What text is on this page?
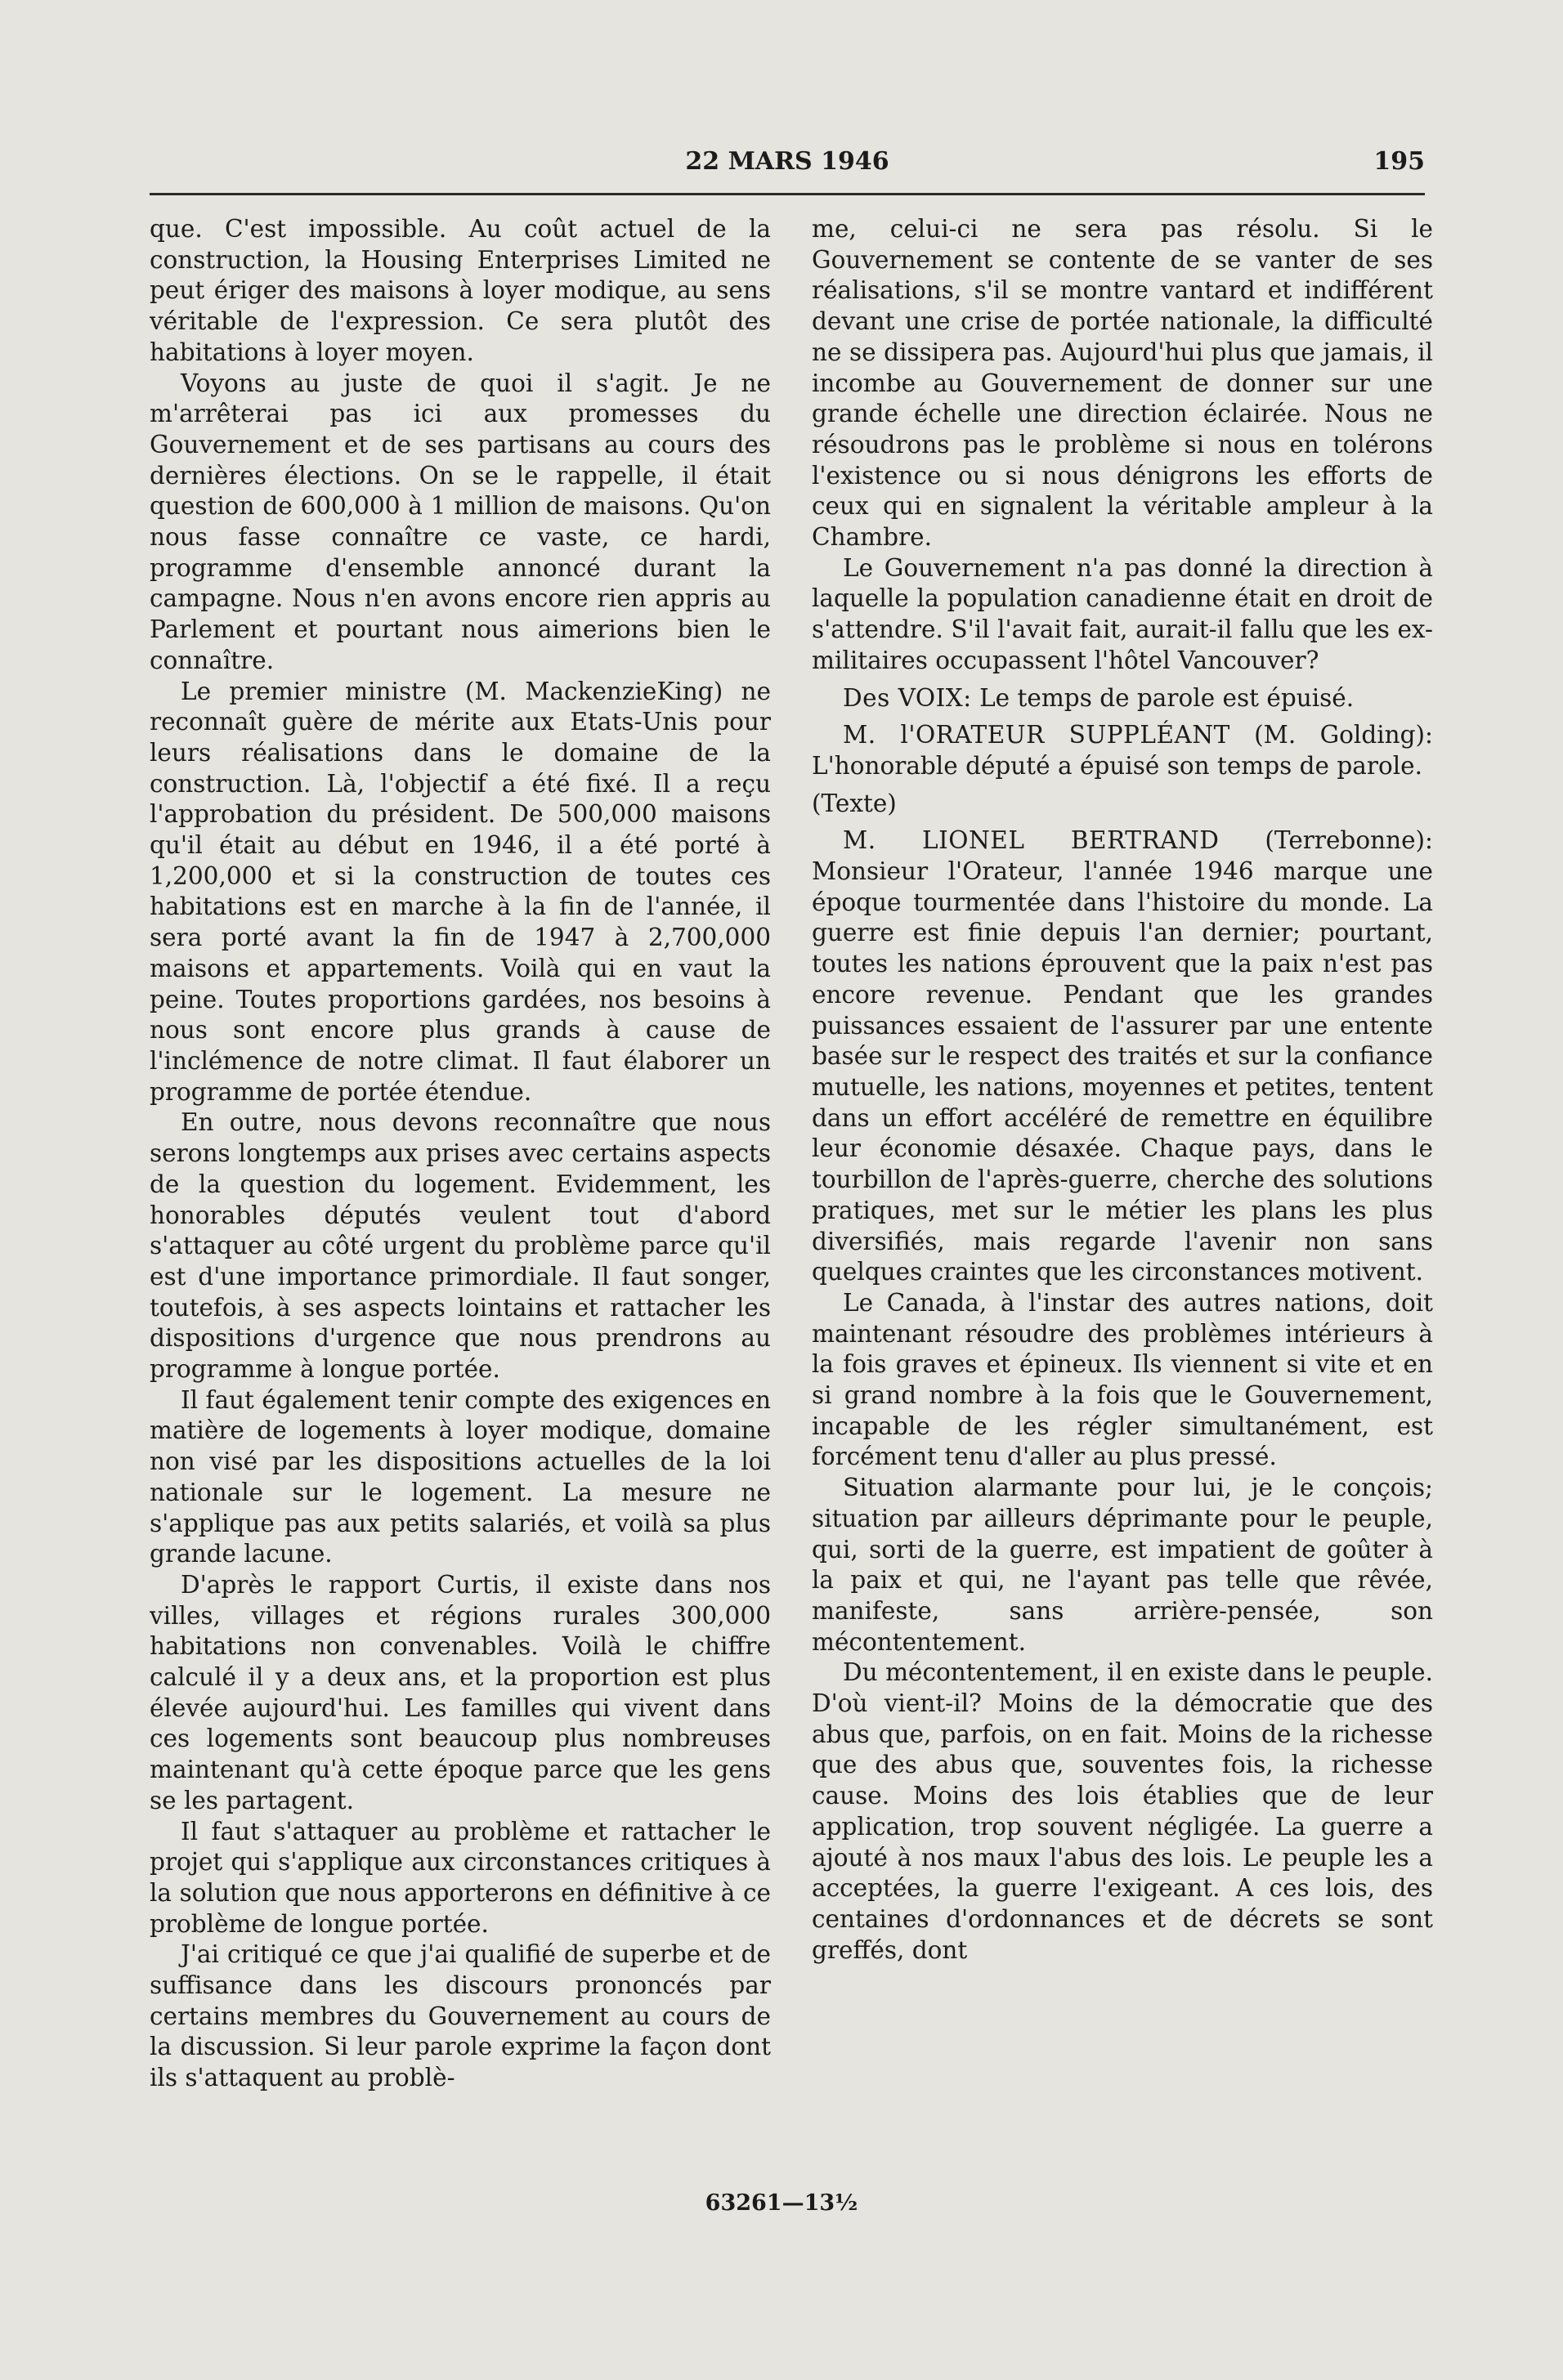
22 MARS 1946	195

que. C'est impossible. Au coût actuel de la construction, la Housing Enterprises Limited ne peut ériger des maisons à loyer modique, au sens véritable de l'expression. Ce sera plutôt des habitations à loyer moyen.

Voyons au juste de quoi il s'agit. Je ne m'arrêterai pas ici aux promesses du Gouvernement et de ses partisans au cours des dernières élections. On se le rappelle, il était question de 600,000 à 1 million de maisons. Qu'on nous fasse connaître ce vaste, ce hardi, programme d'ensemble annoncé durant la campagne. Nous n'en avons encore rien appris au Parlement et pourtant nous aimerions bien le connaître.

Le premier ministre (M. MackenzieKing) ne reconnaît guère de mérite aux Etats-Unis pour leurs réalisations dans le domaine de la construction. Là, l'objectif a été fixé. Il a reçu l'approbation du président. De 500,000 maisons qu'il était au début en 1946, il a été porté à 1,200,000 et si la construction de toutes ces habitations est en marche à la fin de l'année, il sera porté avant la fin de 1947 à 2,700,000 maisons et appartements. Voilà qui en vaut la peine. Toutes proportions gardées, nos besoins à nous sont encore plus grands à cause de l'inclémence de notre climat. Il faut élaborer un programme de portée étendue.

En outre, nous devons reconnaître que nous serons longtemps aux prises avec certains aspects de la question du logement. Evidemment, les honorables députés veulent tout d'abord s'attaquer au côté urgent du problème parce qu'il est d'une importance primordiale. Il faut songer, toutefois, à ses aspects lointains et rattacher les dispositions d'urgence que nous prendrons au programme à longue portée.

Il faut également tenir compte des exigences en matière de logements à loyer modique, domaine non visé par les dispositions actuelles de la loi nationale sur le logement. La mesure ne s'applique pas aux petits salariés, et voilà sa plus grande lacune.

D'après le rapport Curtis, il existe dans nos villes, villages et régions rurales 300,000 habitations non convenables. Voilà le chiffre calculé il y a deux ans, et la proportion est plus élevée aujourd'hui. Les familles qui vivent dans ces logements sont beaucoup plus nombreuses maintenant qu'à cette époque parce que les gens se les partagent.

Il faut s'attaquer au problème et rattacher le projet qui s'applique aux circonstances critiques à la solution que nous apporterons en définitive à ce problème de longue portée.

J'ai critiqué ce que j'ai qualifié de superbe et de suffisance dans les discours prononcés par certains membres du Gouvernement au cours de la discussion. Si leur parole exprime la façon dont ils s'attaquent au problè-

me, celui-ci ne sera pas résolu. Si le Gouvernement se contente de se vanter de ses réalisations, s'il se montre vantard et indifférent devant une crise de portée nationale, la difficulté ne se dissipera pas. Aujourd'hui plus que jamais, il incombe au Gouvernement de donner sur une grande échelle une direction éclairée. Nous ne résoudrons pas le problème si nous en tolérons l'existence ou si nous dénigrons les efforts de ceux qui en signalent la véritable ampleur à la Chambre.

Le Gouvernement n'a pas donné la direction à laquelle la population canadienne était en droit de s'attendre. S'il l'avait fait, aurait-il fallu que les ex-militaires occupassent l'hôtel Vancouver?

Des VOIX: Le temps de parole est épuisé.

M. l'ORATEUR SUPPLÉANT (M. Golding): L'honorable député a épuisé son temps de parole.

(Texte)

M. LIONEL BERTRAND (Terrebonne): Monsieur l'Orateur, l'année 1946 marque une époque tourmentée dans l'histoire du monde. La guerre est finie depuis l'an dernier; pourtant, toutes les nations éprouvent que la paix n'est pas encore revenue. Pendant que les grandes puissances essaient de l'assurer par une entente basée sur le respect des traités et sur la confiance mutuelle, les nations, moyennes et petites, tentent dans un effort accéléré de remettre en équilibre leur économie désaxée. Chaque pays, dans le tourbillon de l'après-guerre, cherche des solutions pratiques, met sur le métier les plans les plus diversifiés, mais regarde l'avenir non sans quelques craintes que les circonstances motivent.

Le Canada, à l'instar des autres nations, doit maintenant résoudre des problèmes intérieurs à la fois graves et épineux. Ils viennent si vite et en si grand nombre à la fois que le Gouvernement, incapable de les régler simultanément, est forcément tenu d'aller au plus pressé.

Situation alarmante pour lui, je le conçois; situation par ailleurs déprimante pour le peuple, qui, sorti de la guerre, est impatient de goûter à la paix et qui, ne l'ayant pas telle que rêvée, manifeste, sans arrière-pensée, son mécontentement.

Du mécontentement, il en existe dans le peuple. D'où vient-il? Moins de la démocratie que des abus que, parfois, on en fait. Moins de la richesse que des abus que, souventes fois, la richesse cause. Moins des lois établies que de leur application, trop souvent négligée. La guerre a ajouté à nos maux l'abus des lois. Le peuple les a acceptées, la guerre l'exigeant. A ces lois, des centaines d'ordonnances et de décrets se sont greffés, dont

63261—13½
